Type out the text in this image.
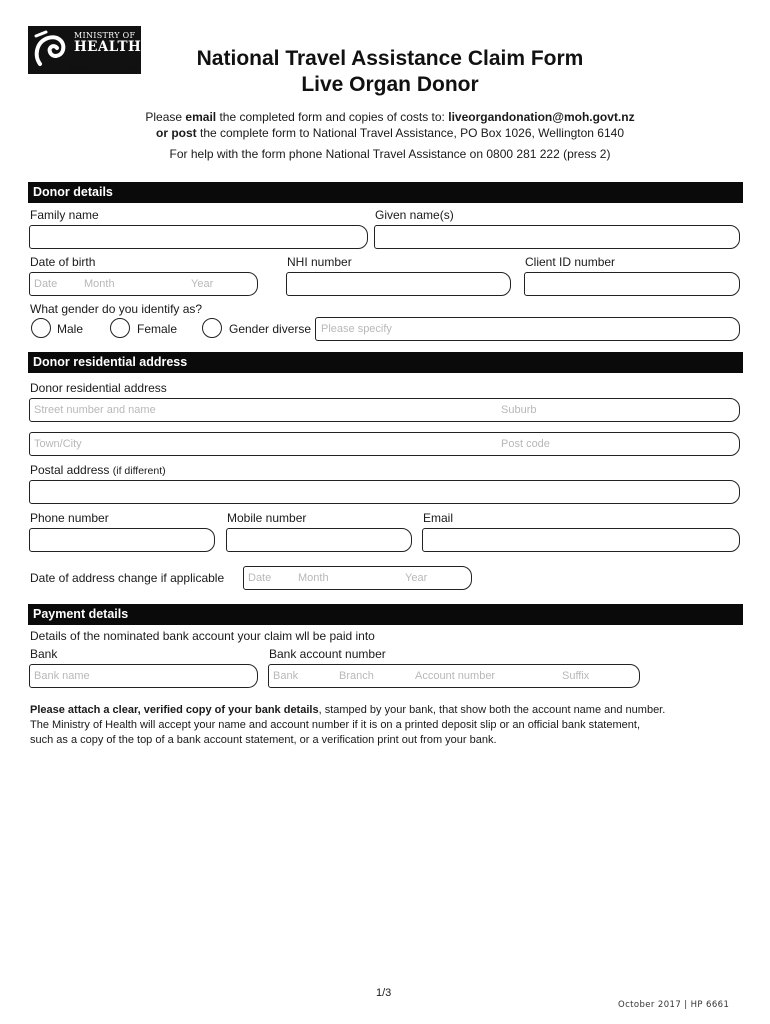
MINISTRY OF
HEALTH
MANATŪ HAUORA	National Travel Assistance Claim Form
Live Organ Donor
Please email the completed form and copies of costs to: liveorgandonation@moh.govt.nz
or post the complete form to National Travel Assistance, PO Box 1026, Wellington 6140
For help with the form phone National Travel Assistance on 0800 281 222 (press 2)
Donor details
Family name	Given name(s)
Date of birth	NHI number	Client ID number
Date Month	Year
What gender do you identify as?
Male	Female	Gender diverse Please specify
Donor residential address
Donor residential address
Street number and name	Suburb
Town/City	Post code
Postal address (if different)
Phone number	Mobile number	Email
Date of address change if applicable Date Month	Year
Payment details
Details of the nominated bank account your claim wll be paid into
Bank	Bank account number
Bank name	Bank	Branch	Account number	Suffix
Please attach a clear, verified copy of your bank details, stamped by your bank, that show both the account name and number.
The Ministry of Health will accept your name and account number if it is on a printed deposit slip or an official bank statement,
such as a copy of the top of a bank account statement, or a verification print out from your bank.
1/3
October 2017 | HP 6661
